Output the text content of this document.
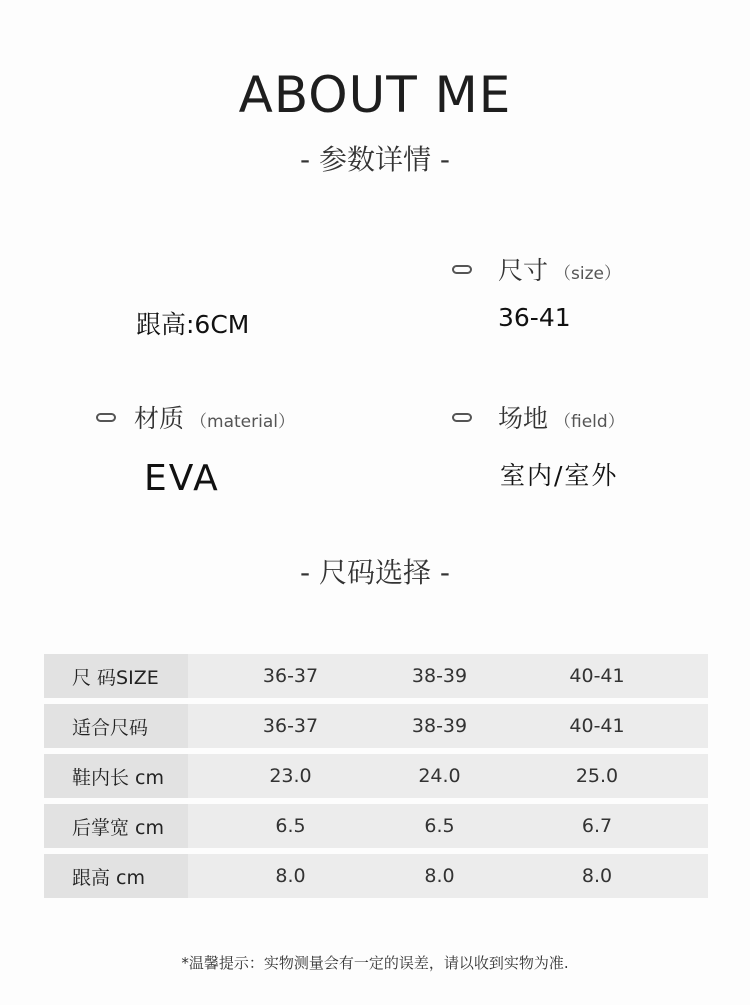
ABOUT ME
- 参数详情 -
尺寸 （size）
跟高:6CM	36-41
材质 （material）	场地 （field）
EVA	室内/室外
- 尺码选择 -
尺 码SIZE	36-37	38-39	40-41
适合尺码	36-37	38-39	40-41
鞋内长 cm	23.0	24.0	25.0
后掌宽 cm	6.5	6.5	6.7
跟高 cm	8.0	8.0	8.0
*温馨提示：实物测量会有一定的误差，请以收到实物为准.
